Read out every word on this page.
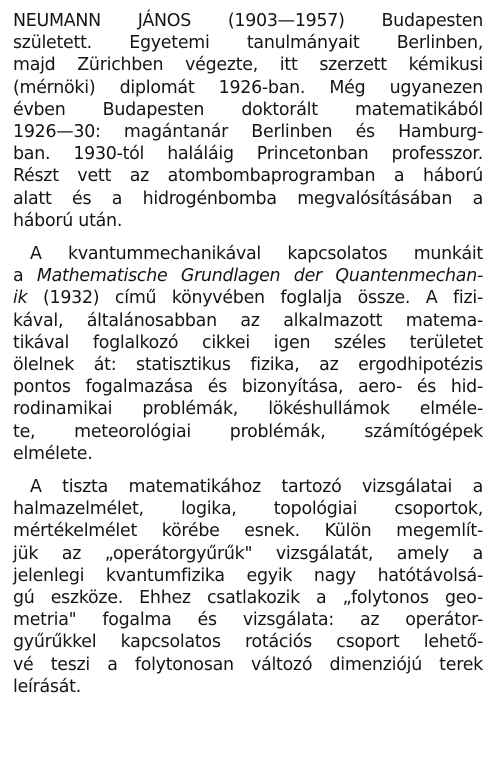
NEUMANN JÁNOS (1903—1957) Budapesten
született. Egyetemi tanulmányait Berlinben,
majd Zürichben végezte, itt szerzett kémikusi
(mérnöki) diplomát 1926-ban. Még ugyanezen
évben Budapesten doktorált matematikából
1926—30: magántanár Berlinben és Hamburg-
ban. 1930-tól haláláig Princetonban professzor.
Részt vett az atombombaprogramban a háború
alatt és a hidrogénbomba megvalósításában a
háború után.
A kvantummechanikával kapcsolatos munkáit
a Mathematische Grundlagen der Quantenmechan-
ik (1932) című könyvében foglalja össze. A fizi-
kával, általánosabban az alkalmazott matema-
tikával foglalkozó cikkei igen széles területet
ölelnek át: statisztikus fizika, az ergodhipotézis
pontos fogalmazása és bizonyítása, aero- és hid-
rodinamikai problémák, lökéshullámok elméle-
te, meteorológiai problémák, számítógépek
elmélete.
A tiszta matematikához tartozó vizsgálatai a
halmazelmélet, logika, topológiai csoportok,
mértékelmélet körébe esnek. Külön megemlít-
jük az „operátorgyűrűk" vizsgálatát, amely a
jelenlegi kvantumfizika egyik nagy hatótávolsá-
gú eszköze. Ehhez csatlakozik a „folytonos geo-
metria" fogalma és vizsgálata: az operátor-
gyűrűkkel kapcsolatos rotációs csoport lehető-
vé teszi a folytonosan változó dimenziójú terek
leírását.
